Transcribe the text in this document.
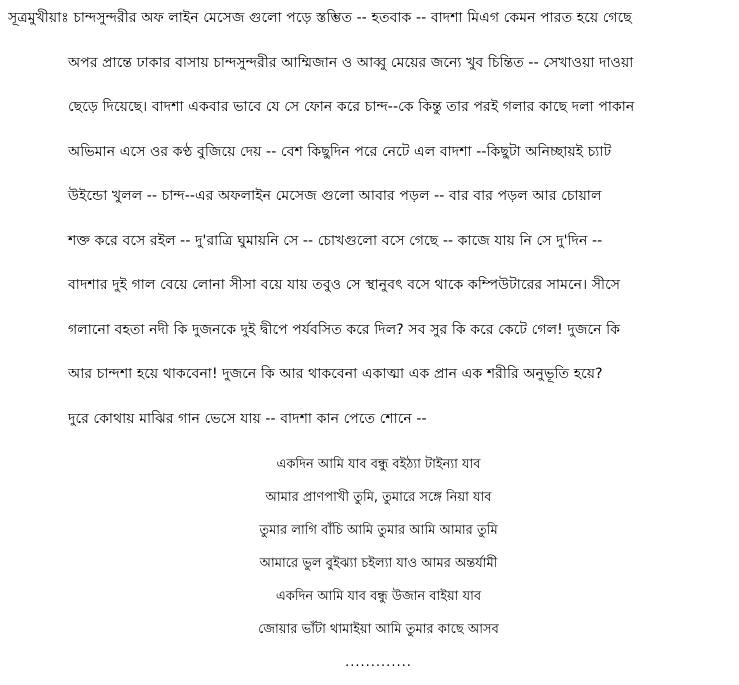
সূত্রমুখীয়াঃ চান্দসুন্দরীর অফ লাইন মেসেজ গুলো পড়ে স্তম্ভিত -- হতবাক -- বাদশা মিএগ কেমন পারত হয়ে গেছে
অপর প্রান্তে ঢাকার বাসায় চান্দসুন্দরীর আম্মিজান ও আব্বু মেয়ের জন্যে খুব চিন্তিত -- সেখাওয়া দাওয়া
ছেড়ে দিয়েছে। বাদশা একবার ভাবে যে সে ফোন করে চান্দ--কে কিন্তু তার পরই গলার কাছে দলা পাকান
অভিমান এসে ওর কণ্ঠ বুজিয়ে দেয় -- বেশ কিছুদিন পরে নেটে এল বাদশা --কিছুটা অনিচ্ছায়ই চ্যাট
উইন্ডো খুলল -- চান্দ--এর অফলাইন মেসেজ গুলো আবার পড়ল -- বার বার পড়ল আর চোয়াল
শক্ত করে বসে রইল -- দু'রাত্রি ঘুমায়নি সে -- চোখগুলো বসে গেছে -- কাজে যায় নি সে দু'দিন --
বাদশার দুই গাল বেয়ে লোনা সীসা বয়ে যায় তবুও সে স্থানুবৎ বসে থাকে কম্পিউটারের সামনে। সীসে
গলানো বহতা নদী কি দুজনকে দুই দ্বীপে পর্যবসিত করে দিল? সব সুর কি করে কেটে গেল! দুজনে কি
আর চান্দশা হয়ে থাকবেনা! দুজনে কি আর থাকবেনা একাত্মা এক প্রান এক শরীরি অনুভূতি হয়ে?
দুরে কোথায় মাঝির গান ভেসে যায় -- বাদশা কান পেতে শোনে --
একদিন আমি যাব বন্ধু বইঠ্যা টাইন্যা যাব
আমার প্রাণপাখী তুমি, তুমারে সঙ্গে নিয়া যাব
তুমার লাগি বাঁচি আমি তুমার আমি আমার তুমি
আমারে ভুল বুইঝ্যা চইল্যা যাও আমর অন্তর্যামী
একদিন আমি যাব বন্ধু উজান বাইয়া যাব
জোয়ার ভাঁটা থামাইয়া আমি তুমার কাছে আসব
.............
